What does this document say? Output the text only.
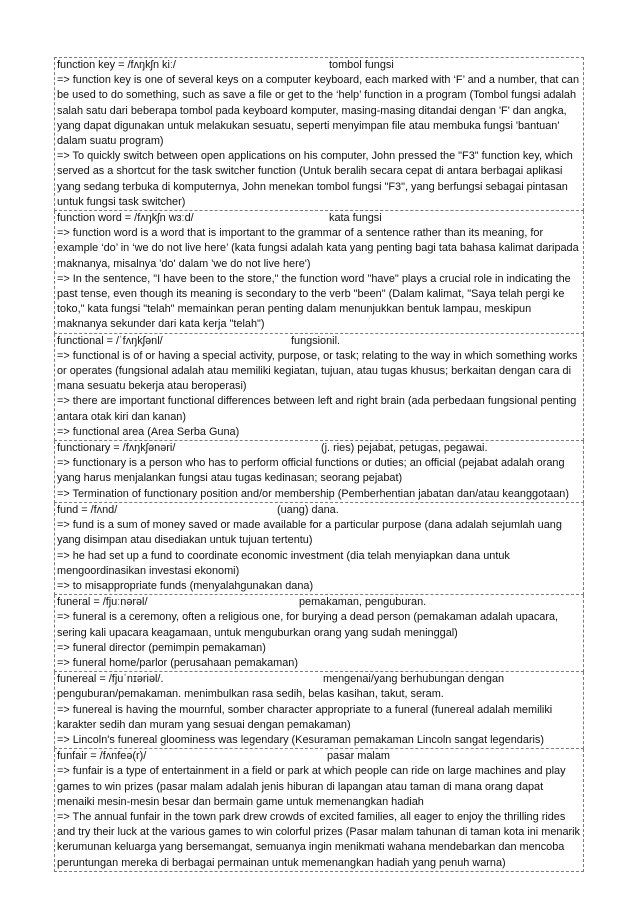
function key = /fʌŋkʃn kiː/	tombol fungsi
=> function key is one of several keys on a computer keyboard, each marked with ‘F’ and a number, that can be used to do something, such as save a file or get to the ‘help’ function in a program (Tombol fungsi adalah salah satu dari beberapa tombol pada keyboard komputer, masing-masing ditandai dengan 'F' dan angka, yang dapat digunakan untuk melakukan sesuatu, seperti menyimpan file atau membuka fungsi 'bantuan' dalam suatu program)
=> To quickly switch between open applications on his computer, John pressed the "F3" function key, which served as a shortcut for the task switcher function (Untuk beralih secara cepat di antara berbagai aplikasi yang sedang terbuka di komputernya, John menekan tombol fungsi "F3", yang berfungsi sebagai pintasan untuk fungsi task switcher)
function word = /fʌŋkʃn wɜːd/	kata fungsi
=> function word is a word that is important to the grammar of a sentence rather than its meaning, for example ‘do’ in ‘we do not live here’ (kata fungsi adalah kata yang penting bagi tata bahasa kalimat daripada maknanya, misalnya 'do' dalam 'we do not live here')
=> In the sentence, "I have been to the store," the function word "have" plays a crucial role in indicating the past tense, even though its meaning is secondary to the verb "been" (Dalam kalimat, "Saya telah pergi ke toko," kata fungsi "telah" memainkan peran penting dalam menunjukkan bentuk lampau, meskipun maknanya sekunder dari kata kerja "telah")
functional = /ˈfʌŋkʃənl/	fungsionil.
=> functional is of or having a special activity, purpose, or task; relating to the way in which something works or operates (fungsional adalah atau memiliki kegiatan, tujuan, atau tugas khusus; berkaitan dengan cara di mana sesuatu bekerja atau beroperasi)
=> there are important functional differences between left and right brain (ada perbedaan fungsional penting antara otak kiri dan kanan)
=> functional area (Area Serba Guna)
functionary = /fʌŋkʃənəri/	(j. ries) pejabat, petugas, pegawai.
=> functionary is a person who has to perform official functions or duties; an official (pejabat adalah orang yang harus menjalankan fungsi atau tugas kedinasan; seorang pejabat)
=> Termination of functionary position and/or membership (Pemberhentian jabatan dan/atau keanggotaan)
fund = /fʌnd/	(uang) dana.
=> fund is a sum of money saved or made available for a particular purpose (dana adalah sejumlah uang yang disimpan atau disediakan untuk tujuan tertentu)
=> he had set up a fund to coordinate economic investment (dia telah menyiapkan dana untuk mengoordinasikan investasi ekonomi)
=> to misappropriate funds (menyalahgunakan dana)
funeral = /fjuːnərəl/	pemakaman, penguburan.
=> funeral is a ceremony, often a religious one, for burying a dead person (pemakaman adalah upacara, sering kali upacara keagamaan, untuk menguburkan orang yang sudah meninggal)
=> funeral director (pemimpin pemakaman)
=> funeral home/parlor (perusahaan pemakaman)
funereal = /fjuˈnɪəriəl/.	mengenai/yang berhubungan dengan
penguburan/pemakaman. menimbulkan rasa sedih, belas kasihan, takut, seram.
=> funereal is having the mournful, somber character appropriate to a funeral (funereal adalah memiliki karakter sedih dan muram yang sesuai dengan pemakaman)
=> Lincoln's funereal gloominess was legendary (Kesuraman pemakaman Lincoln sangat legendaris)
funfair = /fʌnfeə(r)/	pasar malam
=> funfair is a type of entertainment in a field or park at which people can ride on large machines and play games to win prizes (pasar malam adalah jenis hiburan di lapangan atau taman di mana orang dapat menaiki mesin-mesin besar dan bermain game untuk memenangkan hadiah
=> The annual funfair in the town park drew crowds of excited families, all eager to enjoy the thrilling rides and try their luck at the various games to win colorful prizes (Pasar malam tahunan di taman kota ini menarik kerumunan keluarga yang bersemangat, semuanya ingin menikmati wahana mendebarkan dan mencoba peruntungan mereka di berbagai permainan untuk memenangkan hadiah yang penuh warna)
